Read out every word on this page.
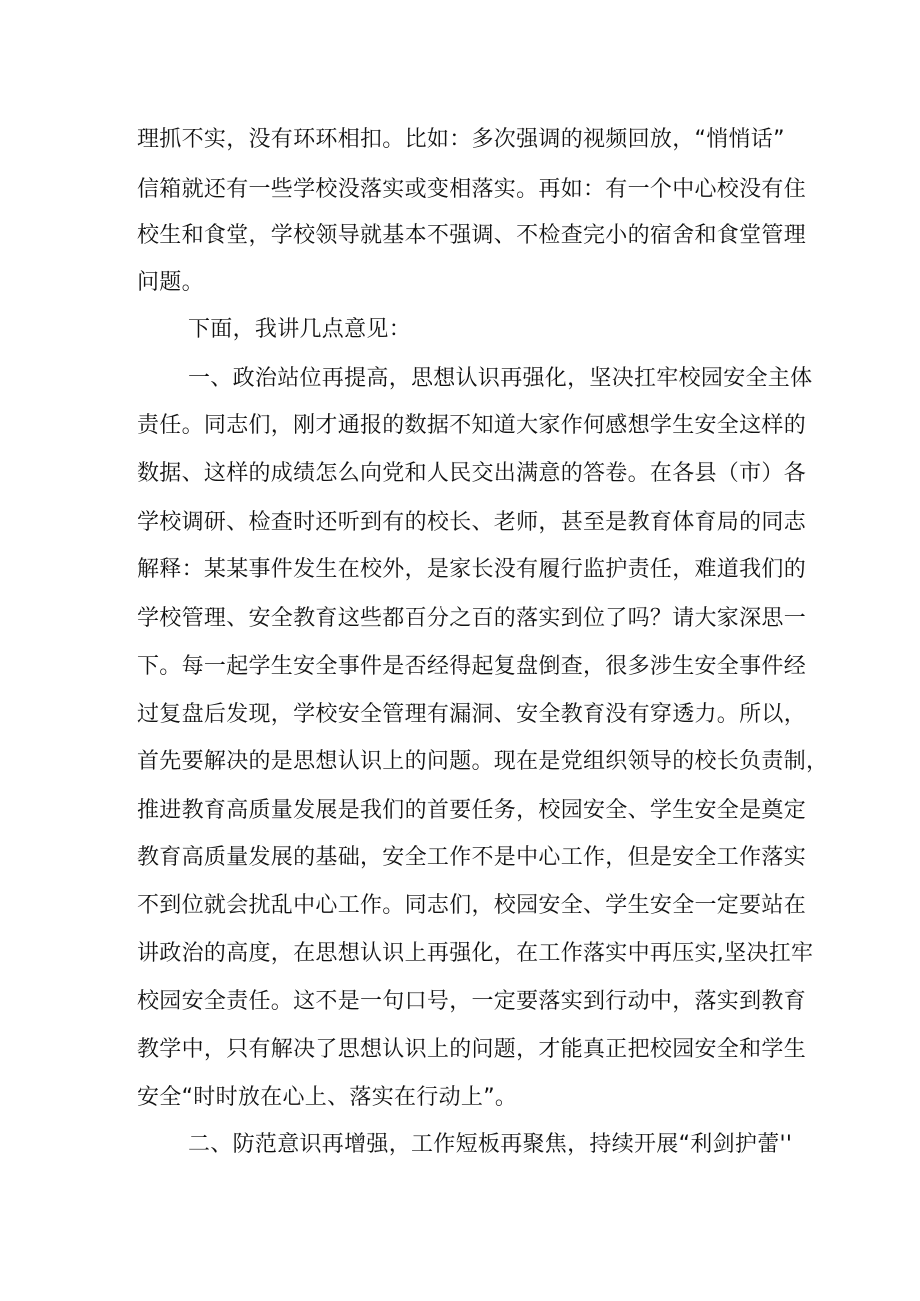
理抓不实，没有环环相扣。比如：多次强调的视频回放，“悄悄话”
信箱就还有一些学校没落实或变相落实。再如：有一个中心校没有住
校生和食堂，学校领导就基本不强调、不检查完小的宿舍和食堂管理
问题。
下面，我讲几点意见：
一、政治站位再提高，思想认识再强化，坚决扛牢校园安全主体
责任。同志们，刚才通报的数据不知道大家作何感想学生安全这样的
数据、这样的成绩怎么向党和人民交出满意的答卷。在各县（市）各
学校调研、检查时还听到有的校长、老师，甚至是教育体育局的同志
解释：某某事件发生在校外，是家长没有履行监护责任，难道我们的
学校管理、安全教育这些都百分之百的落实到位了吗？请大家深思一
下。每一起学生安全事件是否经得起复盘倒查，很多涉生安全事件经
过复盘后发现，学校安全管理有漏洞、安全教育没有穿透力。所以，
首先要解决的是思想认识上的问题。现在是党组织领导的校长负责制，
推进教育高质量发展是我们的首要任务，校园安全、学生安全是奠定
教育高质量发展的基础，安全工作不是中心工作，但是安全工作落实
不到位就会扰乱中心工作。同志们，校园安全、学生安全一定要站在
讲政治的高度，在思想认识上再强化，在工作落实中再压实,坚决扛牢
校园安全责任。这不是一句口号，一定要落实到行动中，落实到教育
教学中，只有解决了思想认识上的问题，才能真正把校园安全和学生
安全“时时放在心上、落实在行动上”。
二、防范意识再增强，工作短板再聚焦，持续开展“利剑护蕾''
